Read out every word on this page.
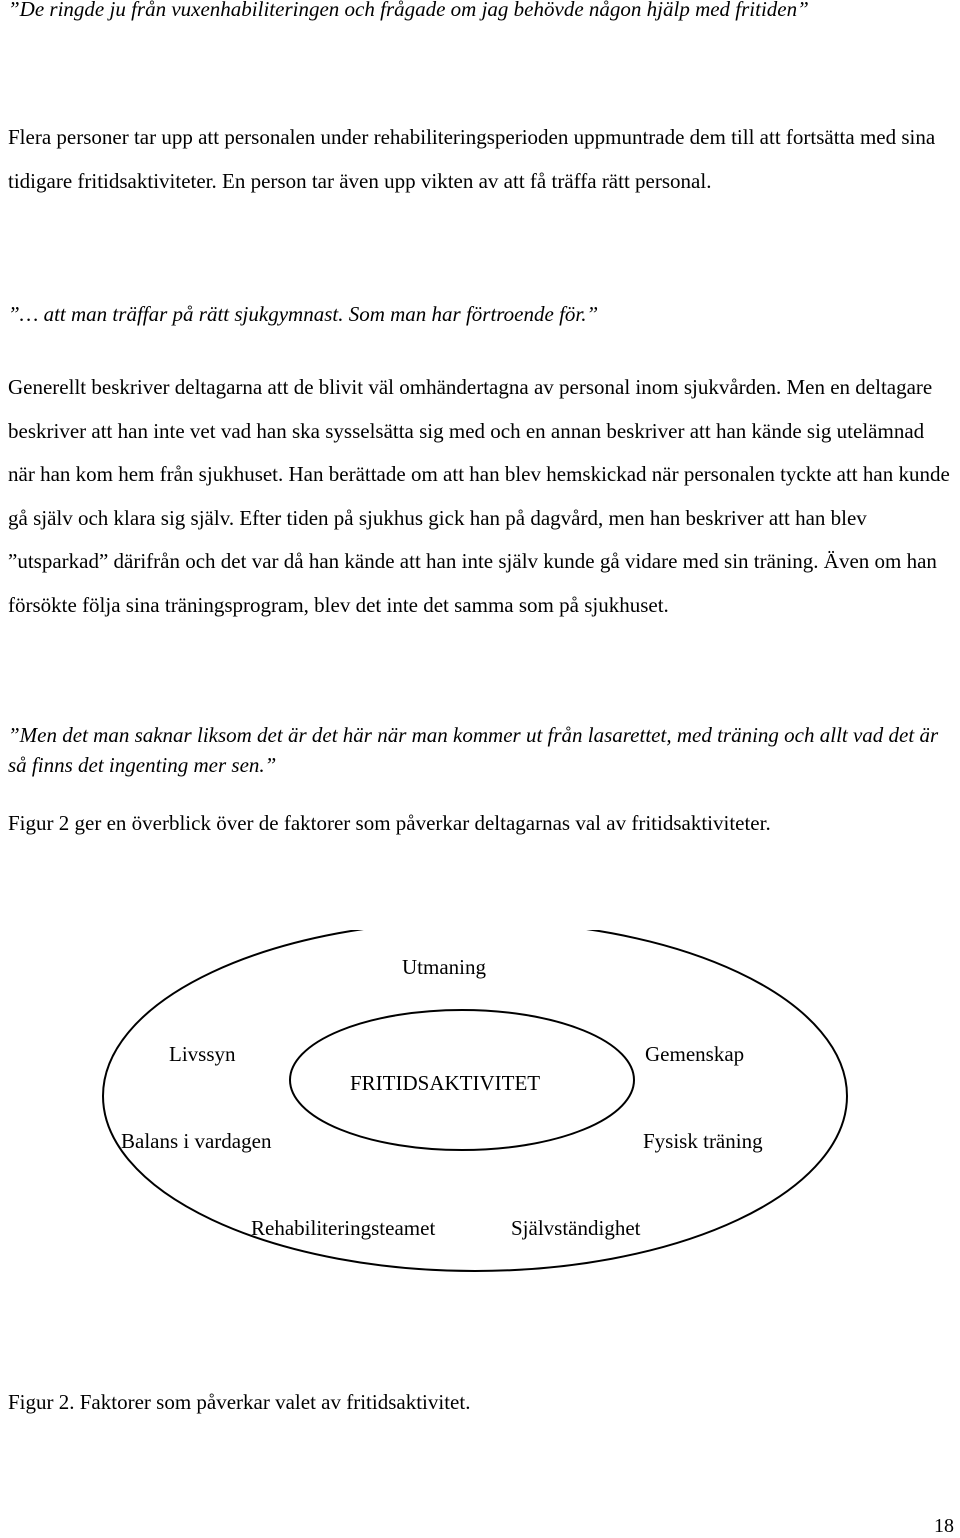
”De ringde ju från vuxenhabiliteringen och frågade om jag behövde någon hjälp med fritiden”

Flera personer tar upp att personalen under rehabiliteringsperioden uppmuntrade dem till att fortsätta med sina tidigare fritidsaktiviteter. En person tar även upp vikten av att få träffa rätt personal.

”… att man träffar på rätt sjukgymnast. Som man har förtroende för.”

Generellt beskriver deltagarna att de blivit väl omhändertagna av personal inom sjukvården. Men en deltagare beskriver att han inte vet vad han ska sysselsätta sig med och en annan beskriver att han kände sig utelämnad när han kom hem från sjukhuset. Han berättade om att han blev hemskickad när personalen tyckte att han kunde gå själv och klara sig själv. Efter tiden på sjukhus gick han på dagvård, men han beskriver att han blev ”utsparkad” därifrån och det var då han kände att han inte själv kunde gå vidare med sin träning. Även om han försökte följa sina träningsprogram, blev det inte det samma som på sjukhuset.

”Men det man saknar liksom det är det här när man kommer ut från lasarettet, med träning och allt vad det är så finns det ingenting mer sen.”

Figur 2 ger en överblick över de faktorer som påverkar deltagarnas val av fritidsaktiviteter.

Utmaning
Livssyn	Gemenskap
FRITIDSAKTIVITET
Balans i vardagen	Fysisk träning
Rehabiliteringsteamet	Självständighet
Figur 2. Faktorer som påverkar valet av fritidsaktivitet.
18
